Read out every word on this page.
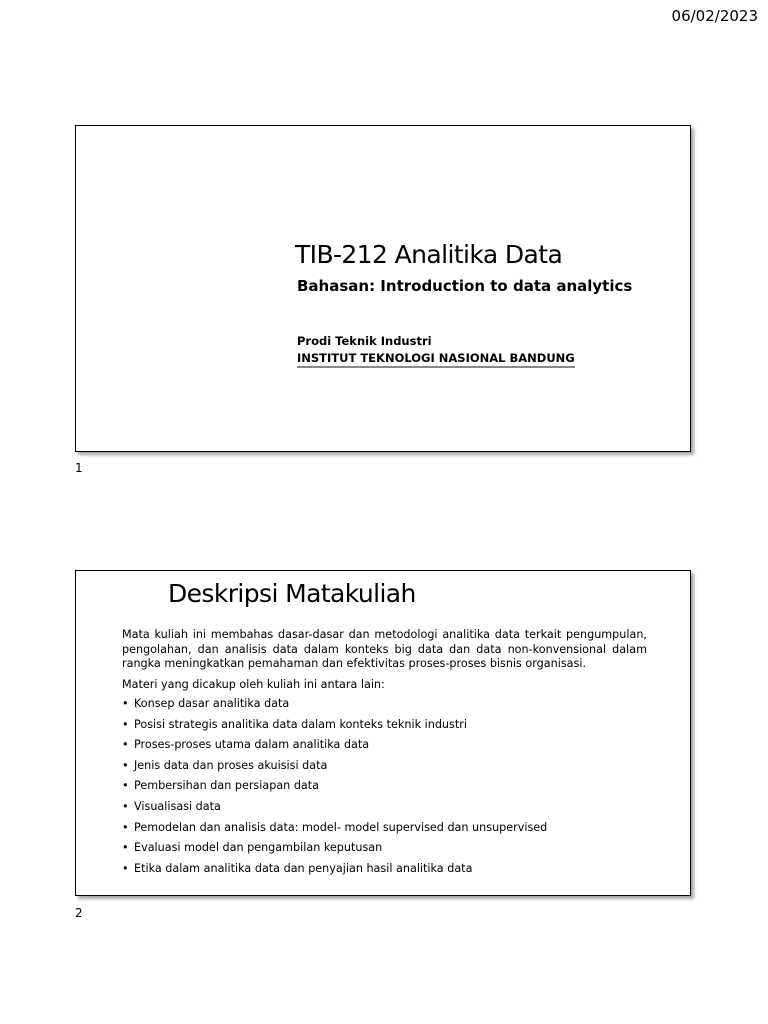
06/02/2023
TIB-212 Analitika Data
Bahasan: Introduction to data analytics
Prodi Teknik Industri
INSTITUT TEKNOLOGI NASIONAL BANDUNG
1
Deskripsi Matakuliah
Mata kuliah ini membahas dasar-dasar dan metodologi analitika data terkait pengumpulan, pengolahan, dan analisis data dalam konteks big data dan data non-konvensional dalam rangka meningkatkan pemahaman dan efektivitas proses-proses bisnis organisasi.
Materi yang dicakup oleh kuliah ini antara lain:
• Konsep dasar analitika data
• Posisi strategis analitika data dalam konteks teknik industri
• Proses-proses utama dalam analitika data
• Jenis data dan proses akuisisi data
• Pembersihan dan persiapan data
• Visualisasi data
• Pemodelan dan analisis data: model- model supervised dan unsupervised
• Evaluasi model dan pengambilan keputusan
• Etika dalam analitika data dan penyajian hasil analitika data
2
